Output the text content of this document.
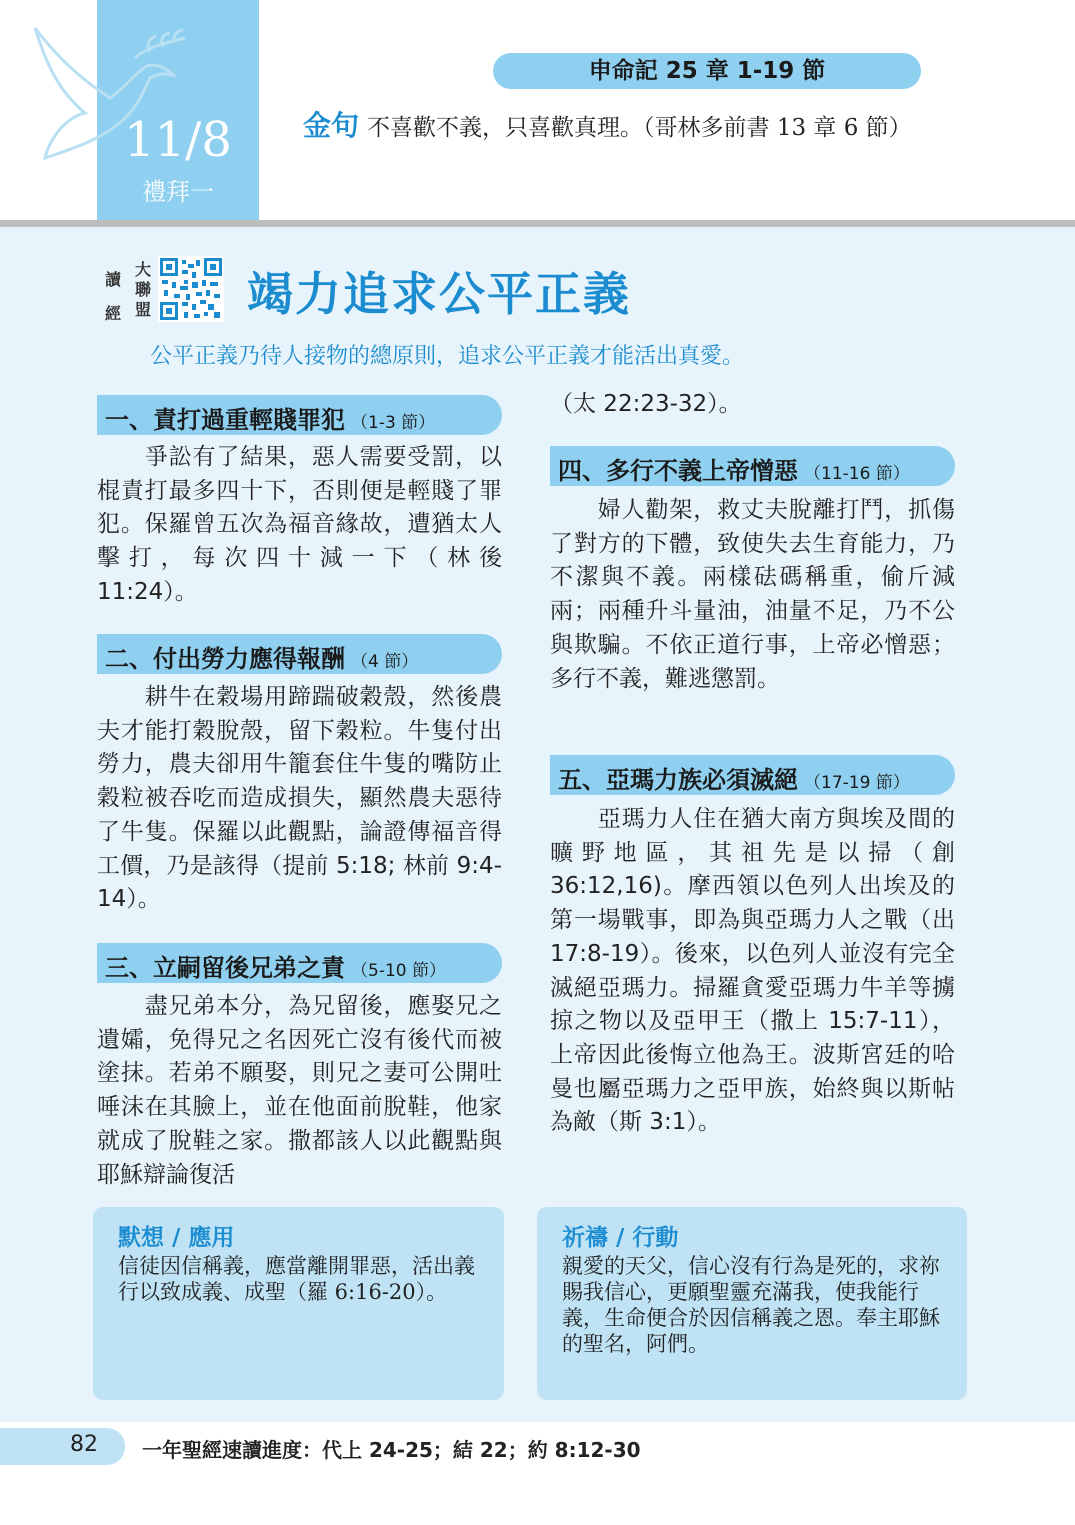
11/8
禮拜一
申命記 25 章 1-19 節
金句 不喜歡不義，只喜歡真理。（哥林多前書 13 章 6 節）
讀
經
大
聯
盟 竭力追求公平正義
公平正義乃待人接物的總原則，追求公平正義才能活出真愛。
一、責打過重輕賤罪犯 （1-3 節）
　　爭訟有了結果，惡人需要受罰，以棍責打最多四十下，否則便是輕賤了罪犯。保羅曾五次為福音緣故，遭猶太人擊打，每次四十減一下（林後 11:24）。
二、付出勞力應得報酬 （4 節）
　　耕牛在穀場用蹄踹破穀殼，然後農夫才能打穀脫殼，留下穀粒。牛隻付出勞力，農夫卻用牛籠套住牛隻的嘴防止穀粒被吞吃而造成損失，顯然農夫惡待了牛隻。保羅以此觀點，論證傳福音得工價，乃是該得（提前 5:18; 林前 9:4-14）。
三、立嗣留後兄弟之責 （5-10 節）
　　盡兄弟本分，為兄留後，應娶兄之遺孀，免得兄之名因死亡沒有後代而被塗抹。若弟不願娶，則兄之妻可公開吐唾沫在其臉上，並在他面前脫鞋，他家就成了脫鞋之家。撒都該人以此觀點與耶穌辯論復活
（太 22:23-32）。
四、多行不義上帝憎惡 （11-16 節）
　　婦人勸架，救丈夫脫離打鬥，抓傷了對方的下體，致使失去生育能力，乃不潔與不義。兩樣砝碼稱重，偷斤減兩；兩種升斗量油，油量不足，乃不公與欺騙。不依正道行事，上帝必憎惡；多行不義，難逃懲罰。
五、亞瑪力族必須滅絕 （17-19 節）
　　亞瑪力人住在猶大南方與埃及間的曠野地區，其祖先是以掃（創 36:12,16)。摩西領以色列人出埃及的第一場戰事，即為與亞瑪力人之戰（出 17:8-19）。後來，以色列人並沒有完全滅絕亞瑪力。掃羅貪愛亞瑪力牛羊等擄掠之物以及亞甲王（撒上 15:7-11），上帝因此後悔立他為王。波斯宮廷的哈曼也屬亞瑪力之亞甲族，始終與以斯帖為敵（斯 3:1）。
默想 / 應用
信徒因信稱義，應當離開罪惡，活出義行以致成義、成聖（羅 6:16-20）。
祈禱 / 行動
親愛的天父，信心沒有行為是死的，求祢賜我信心，更願聖靈充滿我，使我能行義，生命便合於因信稱義之恩。奉主耶穌的聖名，阿們。
82 一年聖經速讀進度：代上 24-25；結 22；約 8:12-30
